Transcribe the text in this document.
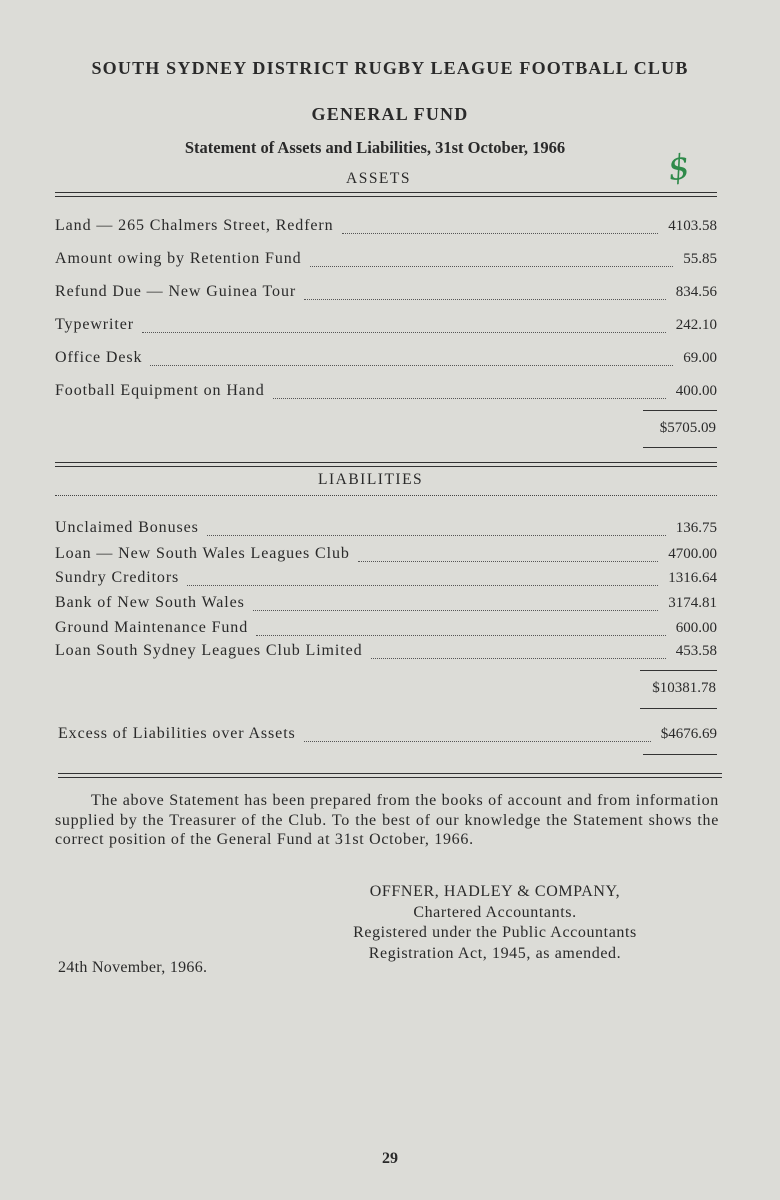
SOUTH SYDNEY DISTRICT RUGBY LEAGUE FOOTBALL CLUB
GENERAL FUND
Statement of Assets and Liabilities, 31st October, 1966	$
ASSETS
Land — 265 Chalmers Street, Redfern	4103.58
Amount owing by Retention Fund	55.85
Refund Due — New Guinea Tour	834.56
Typewriter	242.10
Office Desk	69.00
Football Equipment on Hand	400.00
$5705.09
LIABILITIES
Unclaimed Bonuses	136.75
Loan — New South Wales Leagues Club	4700.00
Sundry Creditors	1316.64
Bank of New South Wales	3174.81
Ground Maintenance Fund	600.00
Loan South Sydney Leagues Club Limited	453.58
$10381.78
Excess of Liabilities over Assets	$4676.69
The above Statement has been prepared from the books of account and from information supplied by the Treasurer of the Club. To the best of our knowledge the Statement shows the correct position of the General Fund at 31st October, 1966.
OFFNER, HADLEY & COMPANY,
Chartered Accountants.
Registered under the Public Accountants
Registration Act, 1945, as amended.
24th November, 1966.
29
